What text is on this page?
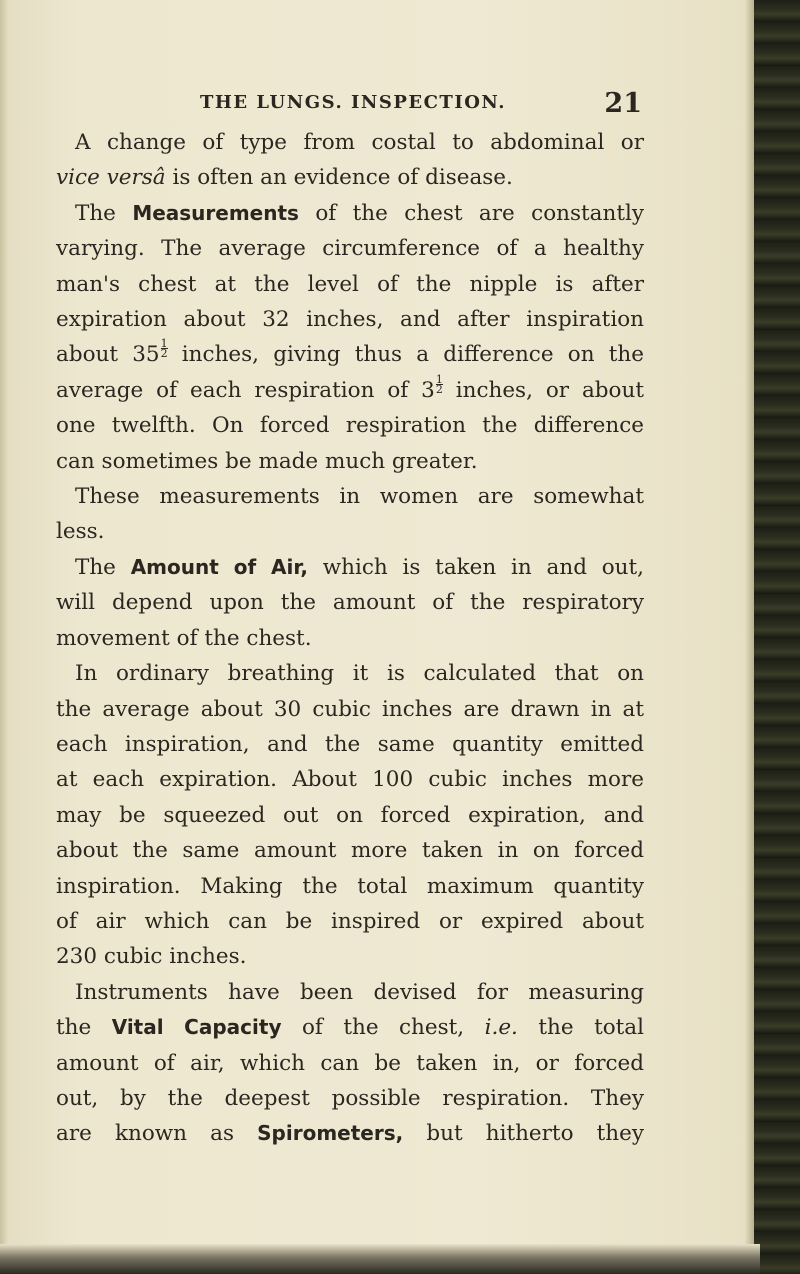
THE LUNGS. INSPECTION.	21
A change of type from costal to abdominal or
vice versâ is often an evidence of disease.
The Measurements of the chest are constantly
varying. The average circumference of a healthy
man's chest at the level of the nipple is after
expiration about 32 inches, and after inspiration
about $35\frac{1}{2}$ inches, giving thus a difference on the
average of each respiration of $3\frac{1}{2}$ inches, or about
one twelfth. On forced respiration the difference
can sometimes be made much greater.
These measurements in women are somewhat
less.
The Amount of Air, which is taken in and out,
will depend upon the amount of the respiratory
movement of the chest.
In ordinary breathing it is calculated that on
the average about 30 cubic inches are drawn in at
each inspiration, and the same quantity emitted
at each expiration. About 100 cubic inches more
may be squeezed out on forced expiration, and
about the same amount more taken in on forced
inspiration. Making the total maximum quantity
of air which can be inspired or expired about
230 cubic inches.
Instruments have been devised for measuring
the Vital Capacity of the chest, i.e. the total
amount of air, which can be taken in, or forced
out, by the deepest possible respiration. They
are known as Spirometers, but hitherto they
